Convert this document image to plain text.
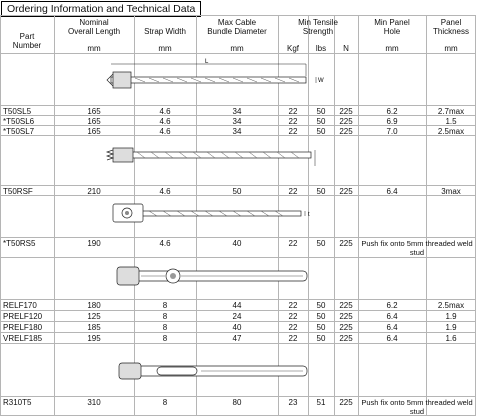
Ordering Information and Technical Data
Part
Number
Nominal
Overall Length
mm
Strap Width
mm
Max Cable
Bundle Diameter
mm
Min Tensile
Strength
Kgf	lbs	N
Min Panel
Hole
mm
Panel
Thickness
mm
L
W
t
T50SL5	165	4.6	34	22	50	225	6.2	2.7max
*T50SL6	165	4.6	34	22	50	225	6.9	1.5
*T50SL7	165	4.6	34	22	50	225	7.0	2.5max
T50RSF	210	4.6	50	22	50	225	6.4	3max
*T50RS5	190	4.6	40	22	50	225	Push fix onto 5mm threaded weld stud
RELF170	180	8	44	22	50	225	6.2	2.5max
PRELF120	125	8	24	22	50	225	6.4	1.9
PRELF180	185	8	40	22	50	225	6.4	1.9
VRELF185	195	8	47	22	50	225	6.4	1.6
R310T5	310	8	80	23	51	225	Push fix onto 5mm threaded weld stud
